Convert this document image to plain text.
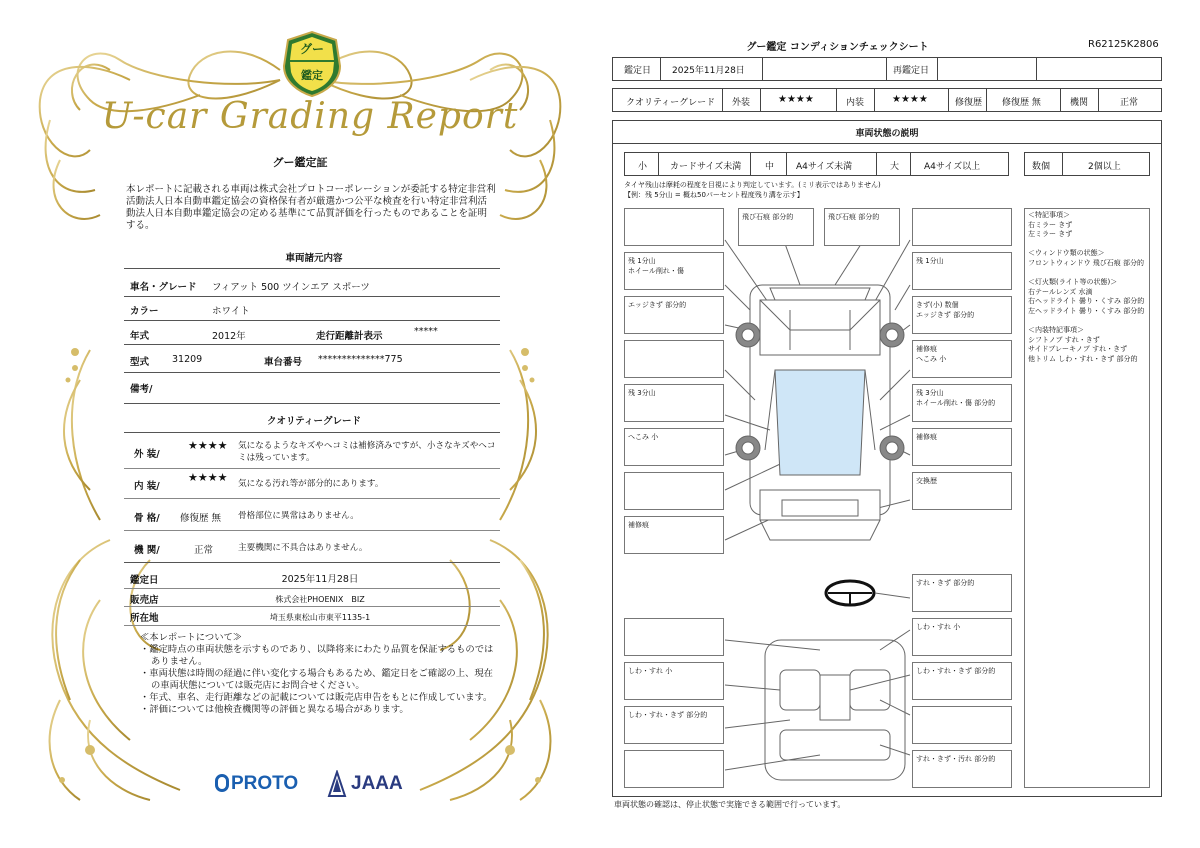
グー
鑑定
U-car Grading Report
グー鑑定証
本レポートに記載される車両は株式会社プロトコーポレーションが委託する特定非営利活動法人日本自動車鑑定協会の資格保有者が厳選かつ公平な検査を行い特定非営利活動法人日本自動車鑑定協会の定める基準にて品質評価を行ったものであることを証明する。
車両諸元内容
車名・グレード フィアット 500 ツインエア スポーツ
カラー	ホワイト
年式	2012年	走行距離計表示	*****
型式 31209	車台番号 **************775
備考/
クオリティーグレード
外 装/
★★★★ 気になるようなキズやヘコミは補修済みですが、小さなキズやヘコミは残っています。
内 装/
★★★★ 気になる汚れ等が部分的にあります。
骨 格/ 修復歴 無 骨格部位に異常はありません。
機 関/	正常	主要機関に不具合はありません。
鑑定日	2025年11月28日
販売店	株式会社PHOENIX　BIZ
所在地	埼玉県東松山市東平1135-1
≪本レポートについて≫
・鑑定時点の車両状態を示すものであり、以降将来にわたり品質を保証するものではありません。
・車両状態は時間の経過に伴い変化する場合もあるため、鑑定日をご確認の上、現在の車両状態については販売店にお問合せください。
・年式、車名、走行距離などの記載については販売店申告をもとに作成しています。
・評価については他検査機関等の評価と異なる場合があります。
PROTO	JAAA
グー鑑定 コンディションチェックシート	R62125K2806
鑑定日 2025年11月28日	再鑑定日
クオリティーグレード 外装	★★★★	内装	★★★★	修復歴 修復歴 無	機関	正常
車両状態の説明
小	カードサイズ未満	中 A4サイズ未満	大	A4サイズ以上	数個	2個以上
タイヤ残山は摩耗の程度を目視により判定しています。(ミリ表示ではありません)
【例：残 5分山 = 概ね50パーセント程度残り溝を示す】
残 1分山
ホイール削れ・傷
エッジきず 部分的
残 3分山
へこみ 小
補修痕
飛び石痕 部分的	飛び石痕 部分的
残 1分山
きず(小) 数個
エッジきず 部分的
補修痕
へこみ 小
残 3分山
ホイール削れ・傷 部分的
補修痕
交換歴
しわ・すれ 小
しわ・すれ・きず 部分的
すれ・きず 部分的
しわ・すれ 小
しわ・すれ・きず 部分的
すれ・きず・汚れ 部分的
＜特記事項＞
右ミラー きず
左ミラー きず

＜ウィンドウ類の状態＞
フロントウィンドウ 飛び石痕 部分的

＜灯火類(ライト等の状態)＞
右テールレンズ 水滴
右ヘッドライト 曇り・くすみ 部分的
左ヘッドライト 曇り・くすみ 部分的

＜内装特記事項＞
シフトノブ すれ・きず
サイドブレーキノブ すれ・きず
他トリム しわ・すれ・きず 部分的
車両状態の確認は、停止状態で実施できる範囲で行っています。
